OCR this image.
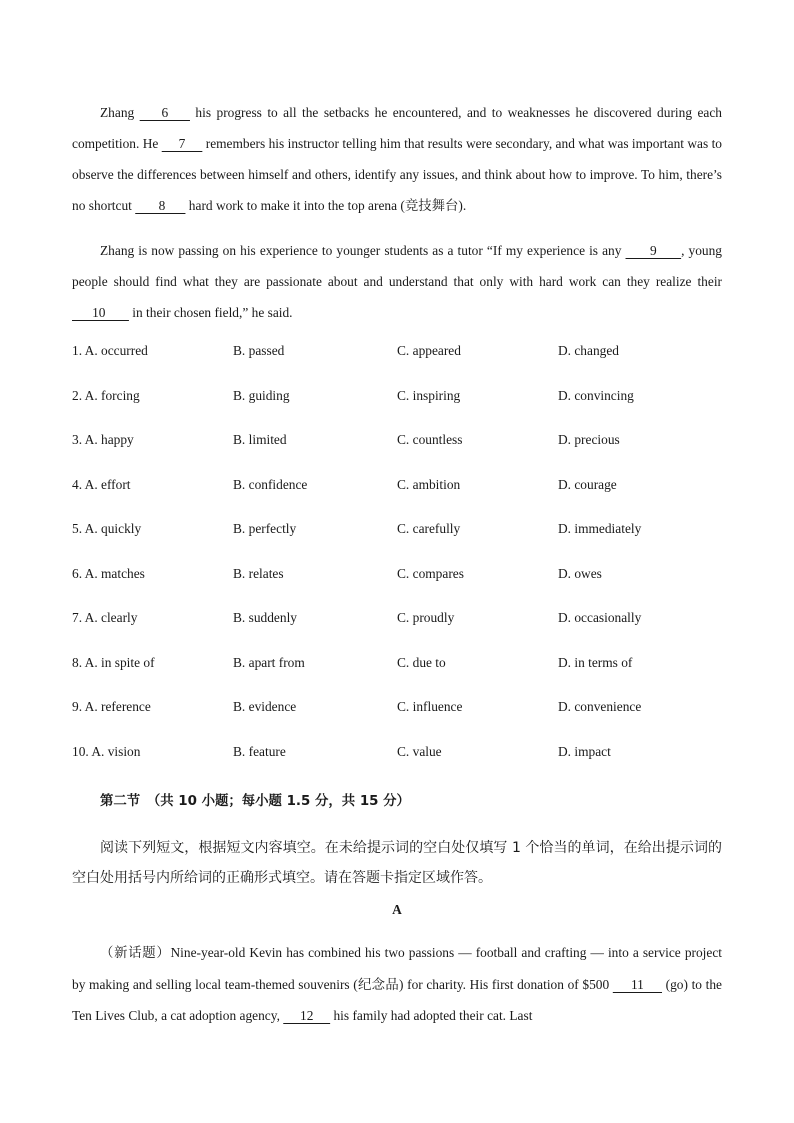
Zhang     6     his progress to all the setbacks he encountered, and to weaknesses he discovered during each competition. He      7      remembers his instructor telling him that results were secondary, and what was important was to observe the differences between himself and others, identify any issues, and think about how to improve. To him, there’s no shortcut        8       hard work to make it into the top arena (竞技舞台).

Zhang is now passing on his experience to younger students as a tutor “If my experience is any       9      , young people should find what they are passionate about and understand that only with hard work can they realize their       10        in their chosen field,” he said.

1. A. occurred	B. passed	C. appeared	D. changed
2. A. forcing	B. guiding	C. inspiring	D. convincing
3. A. happy	B. limited	C. countless	D. precious
4. A. effort	B. confidence	C. ambition	D. courage
5. A. quickly	B. perfectly	C. carefully	D. immediately
6. A. matches	B. relates	C. compares	D. owes
7. A. clearly	B. suddenly	C. proudly	D. occasionally
8. A. in spite of	B. apart from	C. due to	D. in terms of
9. A. reference	B. evidence	C. influence	D. convenience
10. A. vision	B. feature	C. value	D. impact
第二节　（共 10 小题；每小题 1.5 分，共 15 分）

阅读下列短文，根据短文内容填空。在未给提示词的空白处仅填写 1 个恰当的单词，在给出提示词的空白处用括号内所给词的正确形式填空。请在答题卡指定区域作答。

A

（新话题）Nine-year-old Kevin has combined his two passions — football and crafting — into a service project by making and selling local team-themed souvenirs (纪念品) for charity. His first donation of $500      11      (go) to the Ten Lives Club, a cat adoption agency,      12      his family had adopted their cat. Last
